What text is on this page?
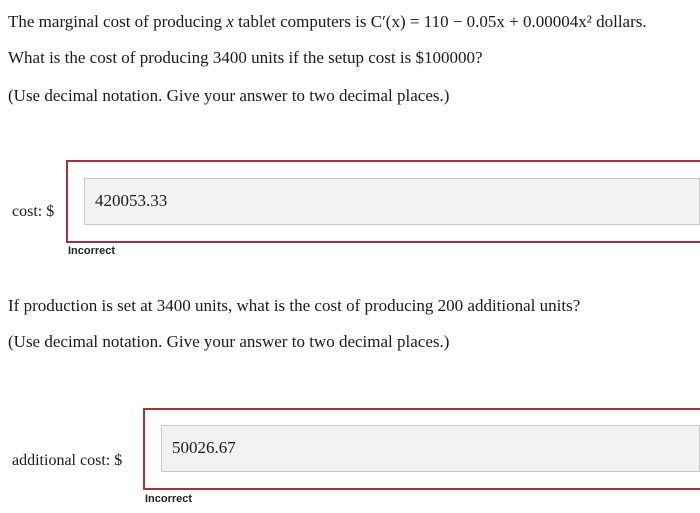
The marginal cost of producing x tablet computers is C′(x) = 110 − 0.05x + 0.00004x² dollars.
What is the cost of producing 3400 units if the setup cost is $100000?
(Use decimal notation. Give your answer to two decimal places.)
cost: $
420053.33
Incorrect
If production is set at 3400 units, what is the cost of producing 200 additional units?
(Use decimal notation. Give your answer to two decimal places.)
additional cost: $
50026.67
Incorrect
